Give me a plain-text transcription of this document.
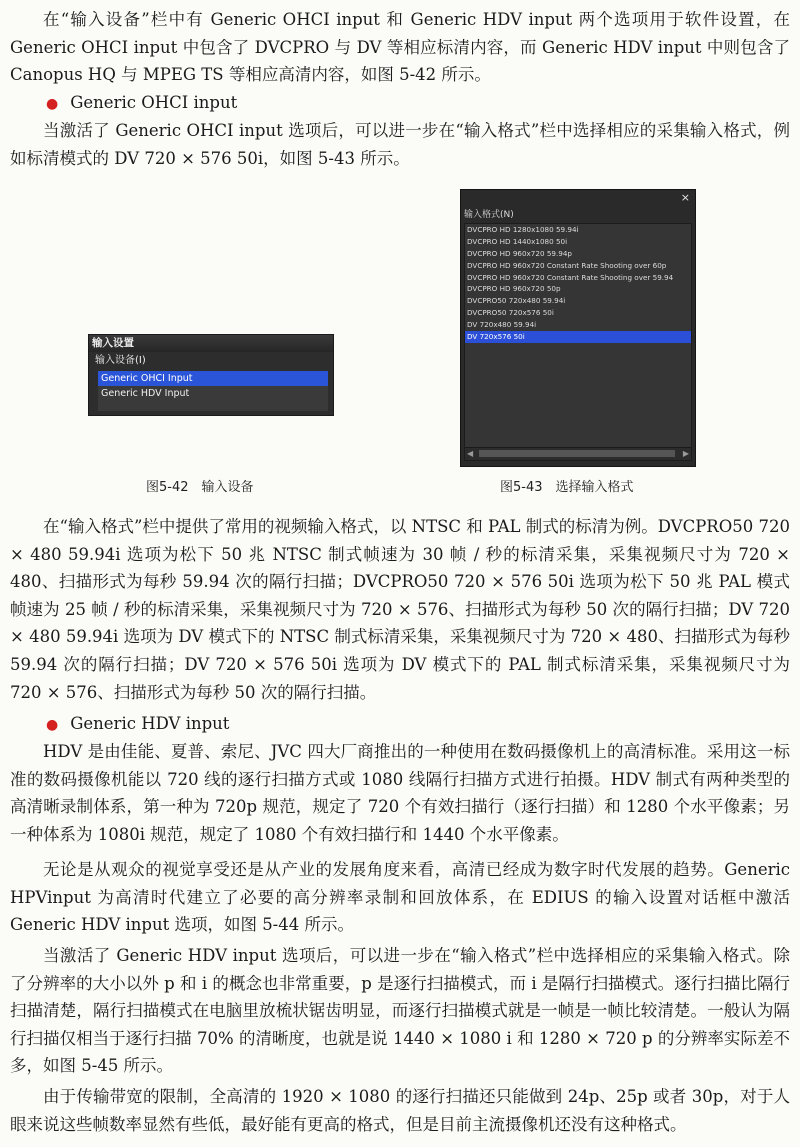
在“输入设备”栏中有 Generic OHCI input 和 Generic HDV input 两个选项用于软件设置，在 Generic OHCI input 中包含了 DVCPRO 与 DV 等相应标清内容，而 Generic HDV input 中则包含了 Canopus HQ 与 MPEG TS 等相应高清内容，如图 5-42 所示。

● Generic OHCI input

当激活了 Generic OHCI input 选项后，可以进一步在“输入格式”栏中选择相应的采集输入格式，例如标清模式的 DV 720 × 576 50i，如图 5-43 所示。

输入设置
输入设备(I)
Generic OHCI Input
Generic HDV Input
图5-42　输入设备
×
输入格式(N)
DVCPRO HD 1280x1080 59.94i
DVCPRO HD 1440x1080 50i
DVCPRO HD 960x720 59.94p
DVCPRO HD 960x720 Constant Rate Shooting over 60p
DVCPRO HD 960x720 Constant Rate Shooting over 59.94
DVCPRO HD 960x720 50p
DVCPRO50 720x480 59.94i
DVCPRO50 720x576 50i
DV 720x480 59.94i
DV 720x576 50i
◀	▶
图5-43　选择输入格式

在“输入格式”栏中提供了常用的视频输入格式，以 NTSC 和 PAL 制式的标清为例。DVCPRO50 720 × 480 59.94i 选项为松下 50 兆 NTSC 制式帧速为 30 帧 / 秒的标清采集，采集视频尺寸为 720 × 480、扫描形式为每秒 59.94 次的隔行扫描；DVCPRO50 720 × 576 50i 选项为松下 50 兆 PAL 模式帧速为 25 帧 / 秒的标清采集，采集视频尺寸为 720 × 576、扫描形式为每秒 50 次的隔行扫描；DV 720 × 480 59.94i 选项为 DV 模式下的 NTSC 制式标清采集，采集视频尺寸为 720 × 480、扫描形式为每秒 59.94 次的隔行扫描；DV 720 × 576 50i 选项为 DV 模式下的 PAL 制式标清采集，采集视频尺寸为 720 × 576、扫描形式为每秒 50 次的隔行扫描。

● Generic HDV input

HDV 是由佳能、夏普、索尼、JVC 四大厂商推出的一种使用在数码摄像机上的高清标准。采用这一标准的数码摄像机能以 720 线的逐行扫描方式或 1080 线隔行扫描方式进行拍摄。HDV 制式有两种类型的高清晰录制体系，第一种为 720p 规范，规定了 720 个有效扫描行（逐行扫描）和 1280 个水平像素；另一种体系为 1080i 规范，规定了 1080 个有效扫描行和 1440 个水平像素。

无论是从观众的视觉享受还是从产业的发展角度来看，高清已经成为数字时代发展的趋势。Generic HPVinput 为高清时代建立了必要的高分辨率录制和回放体系，在 EDIUS 的输入设置对话框中激活 Generic HDV input 选项，如图 5-44 所示。

当激活了 Generic HDV input 选项后，可以进一步在“输入格式”栏中选择相应的采集输入格式。除了分辨率的大小以外 p 和 i 的概念也非常重要，p 是逐行扫描模式，而 i 是隔行扫描模式。逐行扫描比隔行扫描清楚，隔行扫描模式在电脑里放梳状锯齿明显，而逐行扫描模式就是一帧是一帧比较清楚。一般认为隔行扫描仅相当于逐行扫描 70% 的清晰度，也就是说 1440 × 1080 i 和 1280 × 720 p 的分辨率实际差不多，如图 5-45 所示。

由于传输带宽的限制，全高清的 1920 × 1080 的逐行扫描还只能做到 24p、25p 或者 30p，对于人眼来说这些帧数率显然有些低，最好能有更高的格式，但是目前主流摄像机还没有这种格式。
